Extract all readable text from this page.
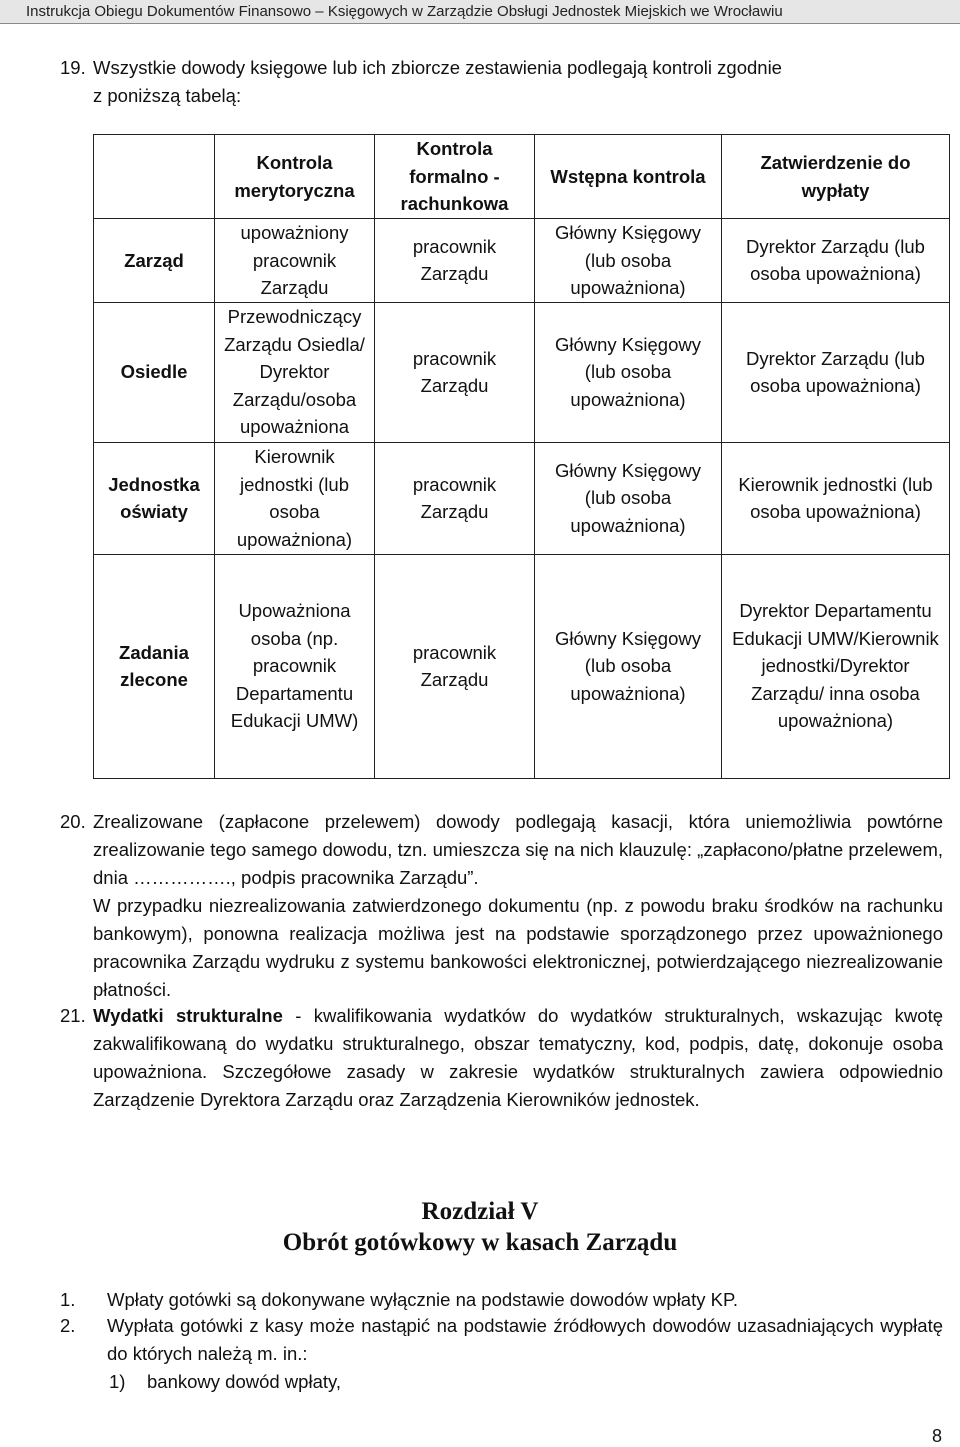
Instrukcja Obiegu Dokumentów Finansowo – Księgowych w Zarządzie Obsługi Jednostek Miejskich we Wrocławiu
19. Wszystkie dowody księgowe lub ich zbiorcze zestawienia podlegają kontroli zgodnie
z poniższą tabelą:
	Kontrola merytoryczna	Kontrola formalno - rachunkowa	Wstępna kontrola	Zatwierdzenie do wypłaty
Zarząd	upoważniony pracownik Zarządu	pracownik Zarządu	Główny Księgowy (lub osoba upoważniona)	Dyrektor Zarządu (lub osoba upoważniona)
Osiedle	Przewodniczący Zarządu Osiedla/ Dyrektor Zarządu/osoba upoważniona	pracownik Zarządu	Główny Księgowy (lub osoba upoważniona)	Dyrektor Zarządu (lub osoba upoważniona)
Jednostka oświaty	Kierownik jednostki (lub osoba upoważniona)	pracownik Zarządu	Główny Księgowy (lub osoba upoważniona)	Kierownik jednostki (lub osoba upoważniona)
Zadania zlecone	Upoważniona osoba (np. pracownik Departamentu Edukacji UMW)	pracownik Zarządu	Główny Księgowy (lub osoba upoważniona)	Dyrektor Departamentu Edukacji UMW/Kierownik jednostki/Dyrektor Zarządu/ inna osoba upoważniona)
20. Zrealizowane (zapłacone przelewem) dowody podlegają kasacji, która uniemożliwia powtórne zrealizowanie tego samego dowodu, tzn. umieszcza się na nich klauzulę: „zapłacono/płatne przelewem, dnia ……………., podpis pracownika Zarządu”.
W przypadku niezrealizowania zatwierdzonego dokumentu (np. z powodu braku środków na rachunku bankowym), ponowna realizacja możliwa jest na podstawie sporządzonego przez upoważnionego pracownika Zarządu wydruku z systemu bankowości elektronicznej, potwierdzającego niezrealizowanie płatności.
21. Wydatki strukturalne - kwalifikowania wydatków do wydatków strukturalnych, wskazując kwotę zakwalifikowaną do wydatku strukturalnego, obszar tematyczny, kod, podpis, datę, dokonuje osoba upoważniona. Szczegółowe zasady w zakresie wydatków strukturalnych zawiera odpowiednio Zarządzenie Dyrektora Zarządu oraz Zarządzenia Kierowników jednostek.
Rozdział V
Obrót gotówkowy w kasach Zarządu
1. Wpłaty gotówki są dokonywane wyłącznie na podstawie dowodów wpłaty KP.
2. Wypłata gotówki z kasy może nastąpić na podstawie źródłowych dowodów uzasadniających wypłatę do których należą m. in.:
1) bankowy dowód wpłaty,
8
